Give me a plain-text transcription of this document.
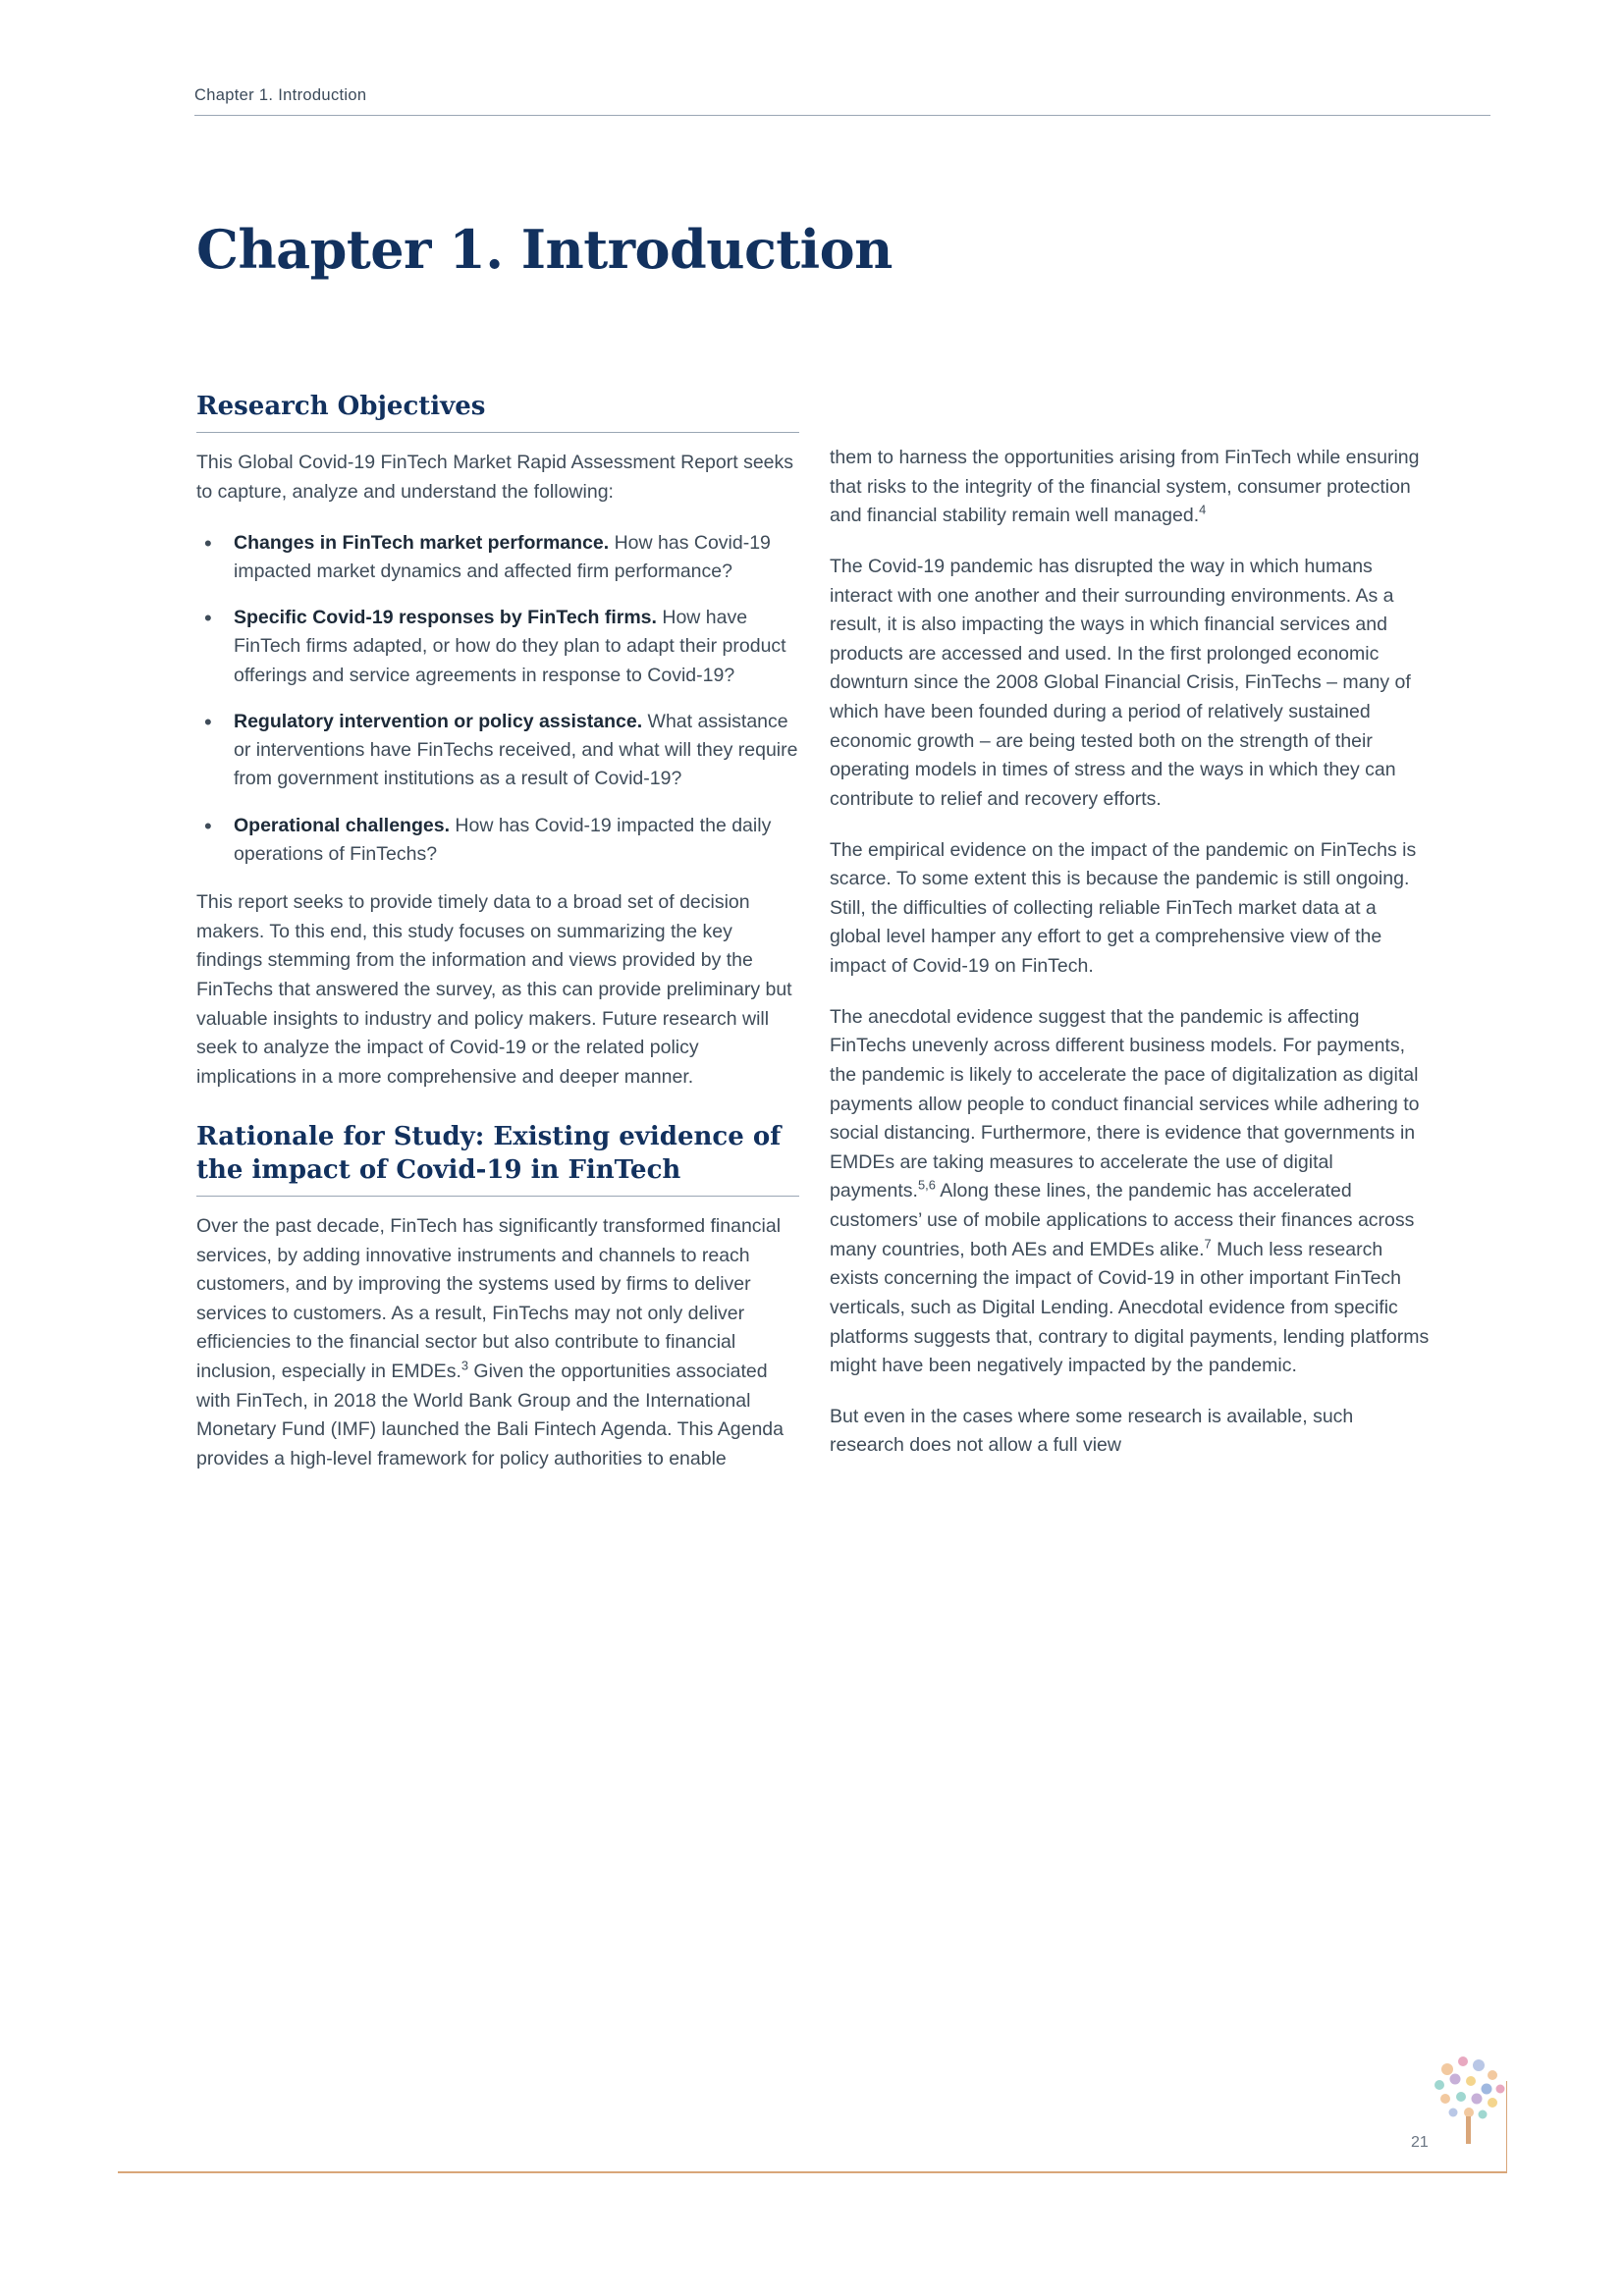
Chapter 1. Introduction
Chapter 1. Introduction
Research Objectives

This Global Covid-19 FinTech Market Rapid Assessment Report seeks to capture, analyze and understand the following:

• Changes in FinTech market performance. How has Covid-19 impacted market dynamics and affected firm performance?
• Specific Covid-19 responses by FinTech firms. How have FinTech firms adapted, or how do they plan to adapt their product offerings and service agreements in response to Covid-19?
• Regulatory intervention or policy assistance. What assistance or interventions have FinTechs received, and what will they require from government institutions as a result of Covid-19?
• Operational challenges. How has Covid-19 impacted the daily operations of FinTechs?

This report seeks to provide timely data to a broad set of decision makers. To this end, this study focuses on summarizing the key findings stemming from the information and views provided by the FinTechs that answered the survey, as this can provide preliminary but valuable insights to industry and policy makers. Future research will seek to analyze the impact of Covid-19 or the related policy implications in a more comprehensive and deeper manner.

Rationale for Study: Existing evidence of the impact of Covid-19 in FinTech

Over the past decade, FinTech has significantly transformed financial services, by adding innovative instruments and channels to reach customers, and by improving the systems used by firms to deliver services to customers. As a result, FinTechs may not only deliver efficiencies to the financial sector but also contribute to financial inclusion, especially in EMDEs.$^3$ Given the opportunities associated with FinTech, in 2018 the World Bank Group and the International Monetary Fund (IMF) launched the Bali Fintech Agenda. This Agenda provides a high-level framework for policy authorities to enable

them to harness the opportunities arising from FinTech while ensuring that risks to the integrity of the financial system, consumer protection and financial stability remain well managed.$^4$

The Covid-19 pandemic has disrupted the way in which humans interact with one another and their surrounding environments. As a result, it is also impacting the ways in which financial services and products are accessed and used. In the first prolonged economic downturn since the 2008 Global Financial Crisis, FinTechs – many of which have been founded during a period of relatively sustained economic growth – are being tested both on the strength of their operating models in times of stress and the ways in which they can contribute to relief and recovery efforts.

The empirical evidence on the impact of the pandemic on FinTechs is scarce. To some extent this is because the pandemic is still ongoing. Still, the difficulties of collecting reliable FinTech market data at a global level hamper any effort to get a comprehensive view of the impact of Covid-19 on FinTech.

The anecdotal evidence suggest that the pandemic is affecting FinTechs unevenly across different business models. For payments, the pandemic is likely to accelerate the pace of digitalization as digital payments allow people to conduct financial services while adhering to social distancing. Furthermore, there is evidence that governments in EMDEs are taking measures to accelerate the use of digital payments.$^{5,6}$ Along these lines, the pandemic has accelerated customers’ use of mobile applications to access their finances across many countries, both AEs and EMDEs alike.$^7$ Much less research exists concerning the impact of Covid-19 in other important FinTech verticals, such as Digital Lending. Anecdotal evidence from specific platforms suggests that, contrary to digital payments, lending platforms might have been negatively impacted by the pandemic.

But even in the cases where some research is available, such research does not allow a full view

21
